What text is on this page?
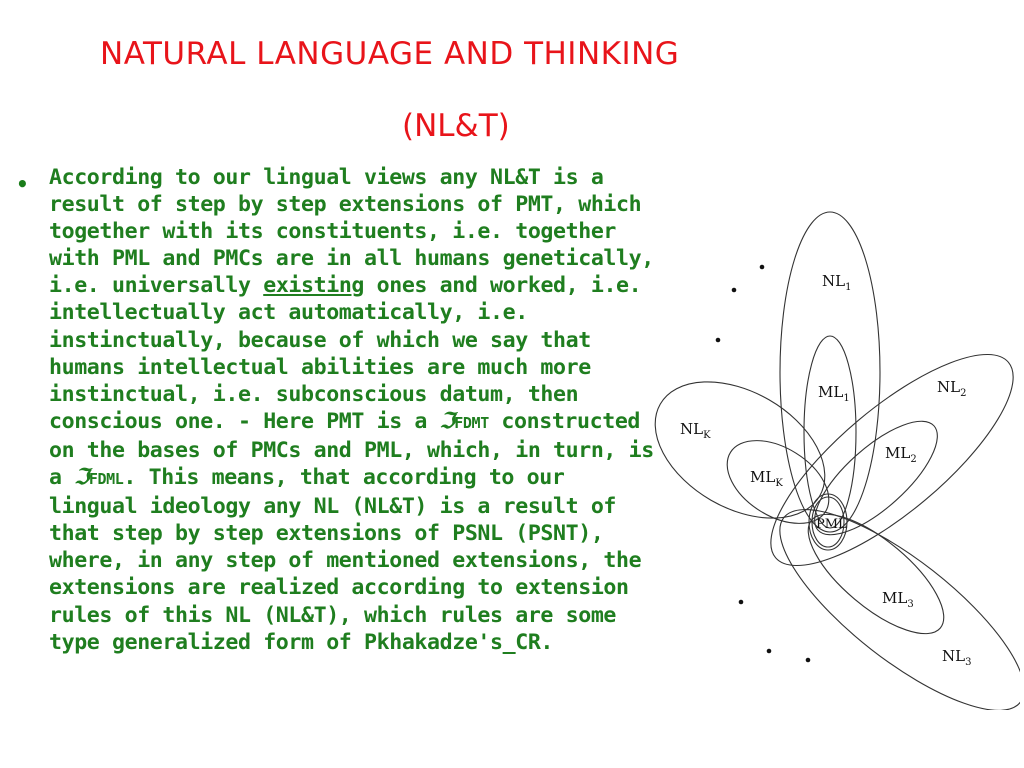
NATURAL LANGUAGE AND THINKING
(NL&T)
• According to our lingual views any NL&T is a result of step by step extensions of PMT, which together with its constituents, i.e. together with PML and PMCs are in all humans genetically, i.e. universally existing ones and worked, i.e. intellectually act automatically, i.e. instinctually, because of which we say that humans intellectual abilities are much more instinctual, i.e. subconscious datum, then conscious one. - Here PMT is a ℑFDMT constructed on the bases of PMCs and PML, which, in turn, is a ℑFDML. This means, that according to our lingual ideology any NL (NL&T) is a result of that step by step extensions of PSNL (PSNT), where, in any step of mentioned extensions, the extensions are realized according to extension rules of this NL (NL&T), which rules are some type generalized form of Pkhakadze's_CR.
$NL_1$
$ML_1$
$NL_2$
$ML_2$
$NL_K$
$ML_K$
PML
$ML_3$
$NL_3$
